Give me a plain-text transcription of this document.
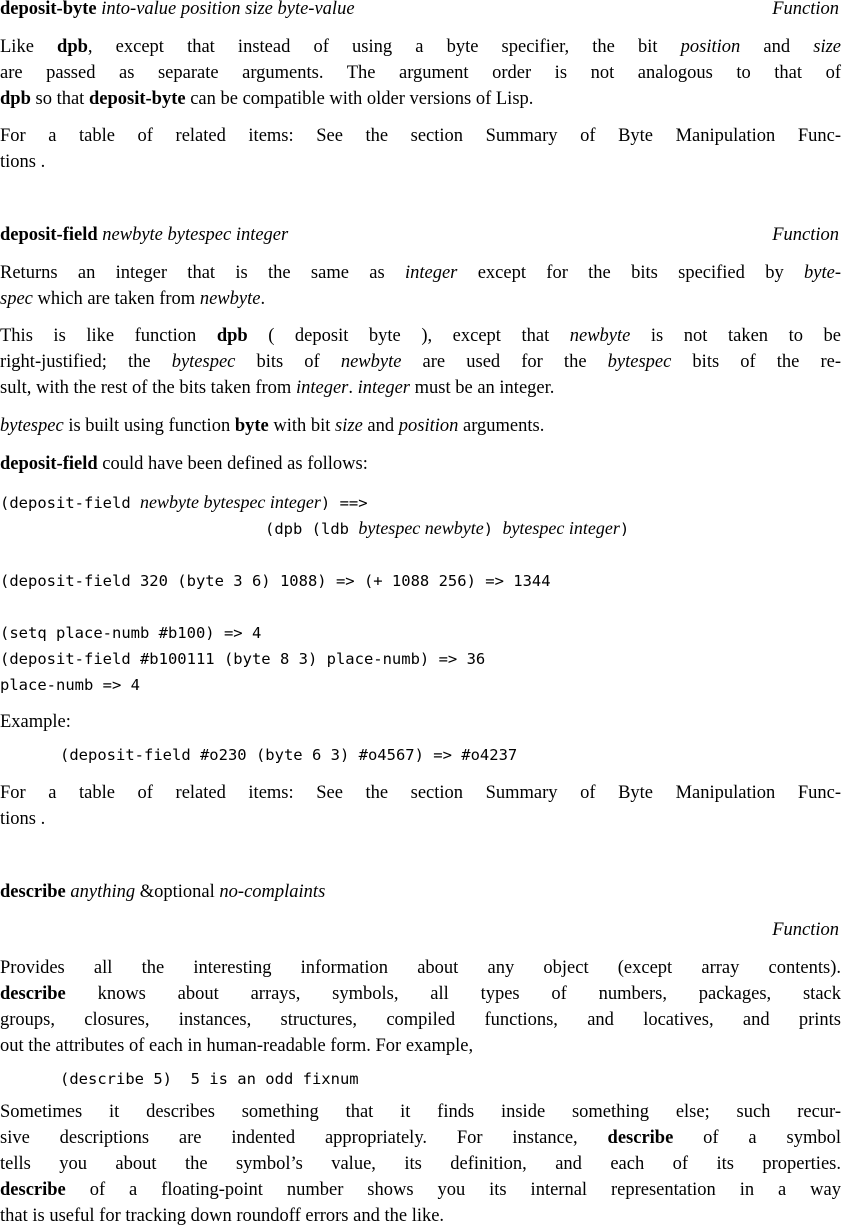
deposit-byte into-value position size byte-value	Function
Like dpb, except that instead of using a byte specifier, the bit position and size
are passed as separate arguments. The argument order is not analogous to that of
dpb so that deposit-byte can be compatible with older versions of Lisp.
For a table of related items: See the section Summary of Byte Manipulation Func-
tions .
deposit-field newbyte bytespec integer	Function
Returns an integer that is the same as integer except for the bits specified by byte-
spec which are taken from newbyte.
This is like function dpb ( deposit byte ), except that newbyte is not taken to be
right-justified; the bytespec bits of newbyte are used for the bytespec bits of the re-
sult, with the rest of the bits taken from integer. integer must be an integer.
bytespec is built using function byte with bit size and position arguments.
deposit-field could have been defined as follows:
(deposit-field newbyte bytespec integer) ==>
(dpb (ldb bytespec newbyte) bytespec integer)
(deposit-field 320 (byte 3 6) 1088) => (+ 1088 256) => 1344
(setq place-numb #b100) => 4
(deposit-field #b100111 (byte 8 3) place-numb) => 36
place-numb => 4
Example:
(deposit-field #o230 (byte 6 3) #o4567) => #o4237
For a table of related items: See the section Summary of Byte Manipulation Func-
tions .
describe anything &optional no-complaints
Function
Provides all the interesting information about any object (except array contents).
describe knows about arrays, symbols, all types of numbers, packages, stack
groups, closures, instances, structures, compiled functions, and locatives, and prints
out the attributes of each in human-readable form. For example,
(describe 5)  5 is an odd fixnum
Sometimes it describes something that it finds inside something else; such recur-
sive descriptions are indented appropriately. For instance, describe of a symbol
tells you about the symbol’s value, its definition, and each of its properties.
describe of a floating-point number shows you its internal representation in a way
that is useful for tracking down roundoff errors and the like.
